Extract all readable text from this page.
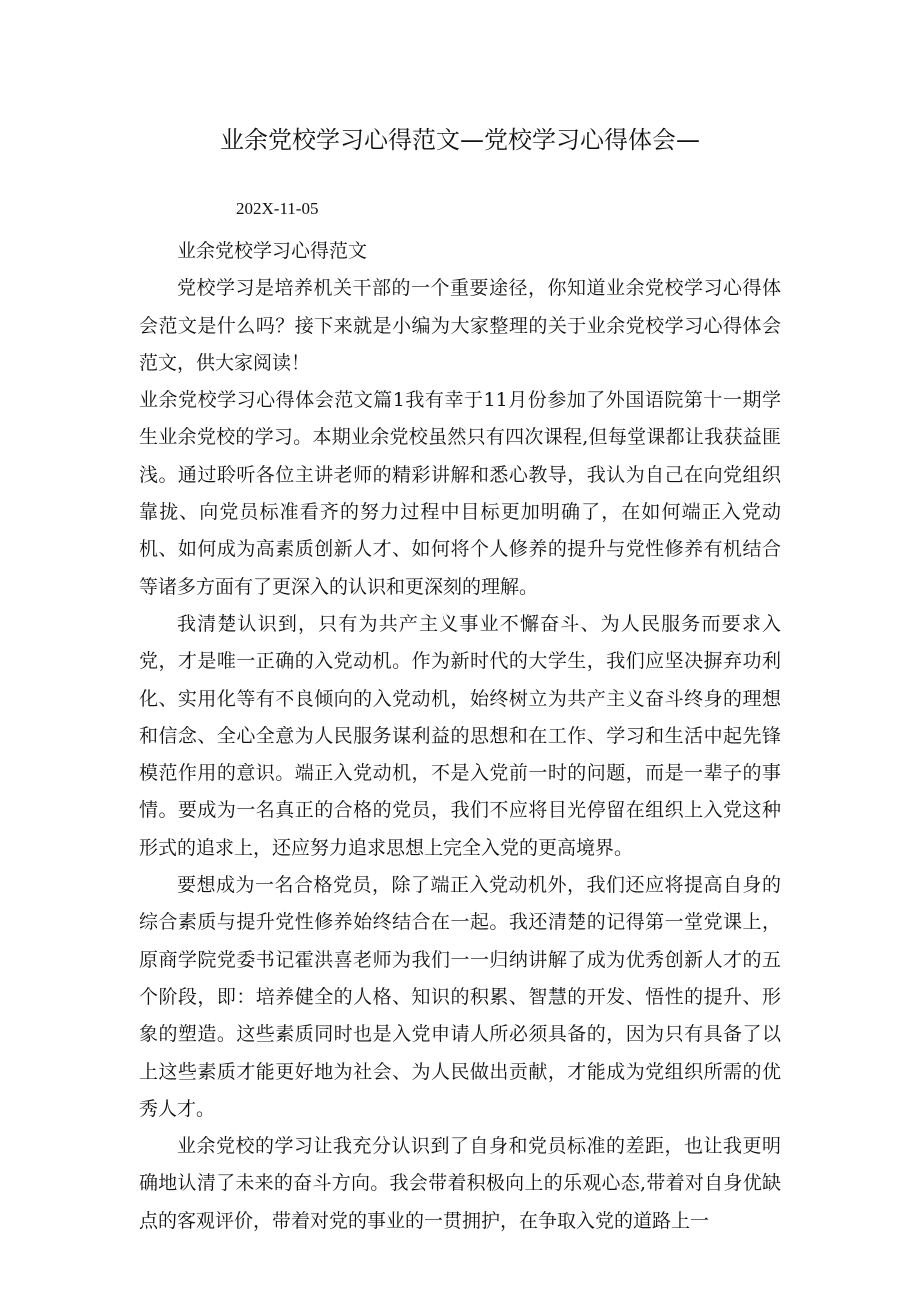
业余党校学习心得范文—党校学习心得体会—
202X-11-05

业余党校学习心得范文

党校学习是培养机关干部的一个重要途径，你知道业余党校学习心得体会范文是什么吗？接下来就是小编为大家整理的关于业余党校学习心得体会范文，供大家阅读！

业余党校学习心得体会范文篇1我有幸于11月份参加了外国语院第十一期学生业余党校的学习。本期业余党校虽然只有四次课程,但每堂课都让我获益匪浅。通过聆听各位主讲老师的精彩讲解和悉心教导，我认为自己在向党组织靠拢、向党员标准看齐的努力过程中目标更加明确了，在如何端正入党动机、如何成为高素质创新人才、如何将个人修养的提升与党性修养有机结合等诸多方面有了更深入的认识和更深刻的理解。

我清楚认识到，只有为共产主义事业不懈奋斗、为人民服务而要求入党，才是唯一正确的入党动机。作为新时代的大学生，我们应坚决摒弃功利化、实用化等有不良倾向的入党动机，始终树立为共产主义奋斗终身的理想和信念、全心全意为人民服务谋利益的思想和在工作、学习和生活中起先锋模范作用的意识。端正入党动机，不是入党前一时的问题，而是一辈子的事情。要成为一名真正的合格的党员，我们不应将目光停留在组织上入党这种形式的追求上，还应努力追求思想上完全入党的更高境界。

要想成为一名合格党员，除了端正入党动机外，我们还应将提高自身的综合素质与提升党性修养始终结合在一起。我还清楚的记得第一堂党课上，原商学院党委书记霍洪喜老师为我们一一归纳讲解了成为优秀创新人才的五个阶段，即：培养健全的人格、知识的积累、智慧的开发、悟性的提升、形象的塑造。这些素质同时也是入党申请人所必须具备的，因为只有具备了以上这些素质才能更好地为社会、为人民做出贡献，才能成为党组织所需的优秀人才。

业余党校的学习让我充分认识到了自身和党员标准的差距，也让我更明确地认清了未来的奋斗方向。我会带着积极向上的乐观心态,带着对自身优缺点的客观评价，带着对党的事业的一贯拥护，在争取入党的道路上一
